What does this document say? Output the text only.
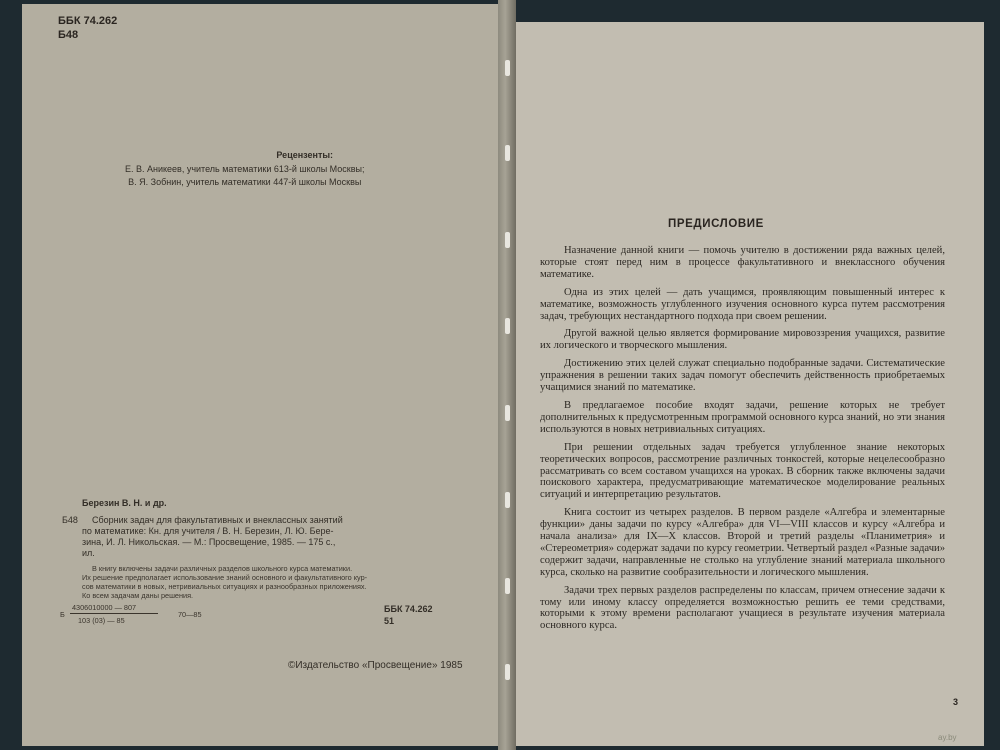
ББК 74.262
Б48
Рецензенты:
Е. В. Аникеев, учитель математики 613-й школы Москвы;
В. Я. Зобнин, учитель математики 447-й школы Москвы
Березин В. Н. и др.
Б48 Сборник задач для факультативных и внеклассных занятий
по математике: Кн. для учителя / В. Н. Березин, Л. Ю. Бере-
зина, И. Л. Никольская. — М.: Просвещение, 1985. — 175 с.,
ил.
В книгу включены задачи различных разделов школьного курса математики.
Их решение предполагает использование знаний основного и факультативного кур-
сов математики в новых, нетривиальных ситуациях и разнообразных приложениях.
Ко всем задачам даны решения.
Б
4306010000 — 807
103 (03) — 85
70—85
ББК 74.262
51
©Издательство «Просвещение» 1985
ПРЕДИСЛОВИЕ

Назначение данной книги — помочь учителю в достижении ряда важных целей, которые стоят перед ним в процессе факультативного и внеклассного обучения математике.

Одна из этих целей — дать учащимся, проявляющим повышенный интерес к математике, возможность углубленного изучения основного курса путем рассмотрения задач, требующих нестандартного подхода при своем решении.

Другой важной целью является формирование мировоззрения учащихся, развитие их логического и творческого мышления.

Достижению этих целей служат специально подобранные задачи. Систематические упражнения в решении таких задач помогут обеспечить действенность приобретаемых учащимися знаний по математике.

В предлагаемое пособие входят задачи, решение которых не требует дополнительных к предусмотренным программой основного курса знаний, но эти знания используются в новых нетривиальных ситуациях.

При решении отдельных задач требуется углубленное знание некоторых теоретических вопросов, рассмотрение различных тонкостей, которые нецелесообразно рассматривать со всем составом учащихся на уроках. В сборник также включены задачи поискового характера, предусматривающие математическое моделирование реальных ситуаций и интерпретацию результатов.

Книга состоит из четырех разделов. В первом разделе «Алгебра и элементарные функции» даны задачи по курсу «Алгебра» для VI—VIII классов и курсу «Алгебра и начала анализа» для IX—X классов. Второй и третий разделы «Планиметрия» и «Стереометрия» содержат задачи по курсу геометрии. Четвертый раздел «Разные задачи» содержит задачи, направленные не столько на углубление знаний материала школьного курса, сколько на развитие сообразительности и логического мышления.

Задачи трех первых разделов распределены по классам, причем отнесение задачи к тому или иному классу определяется возможностью решить ее теми средствами, которыми к этому времени располагают учащиеся в результате изучения материала основного курса.

3
ay.by
